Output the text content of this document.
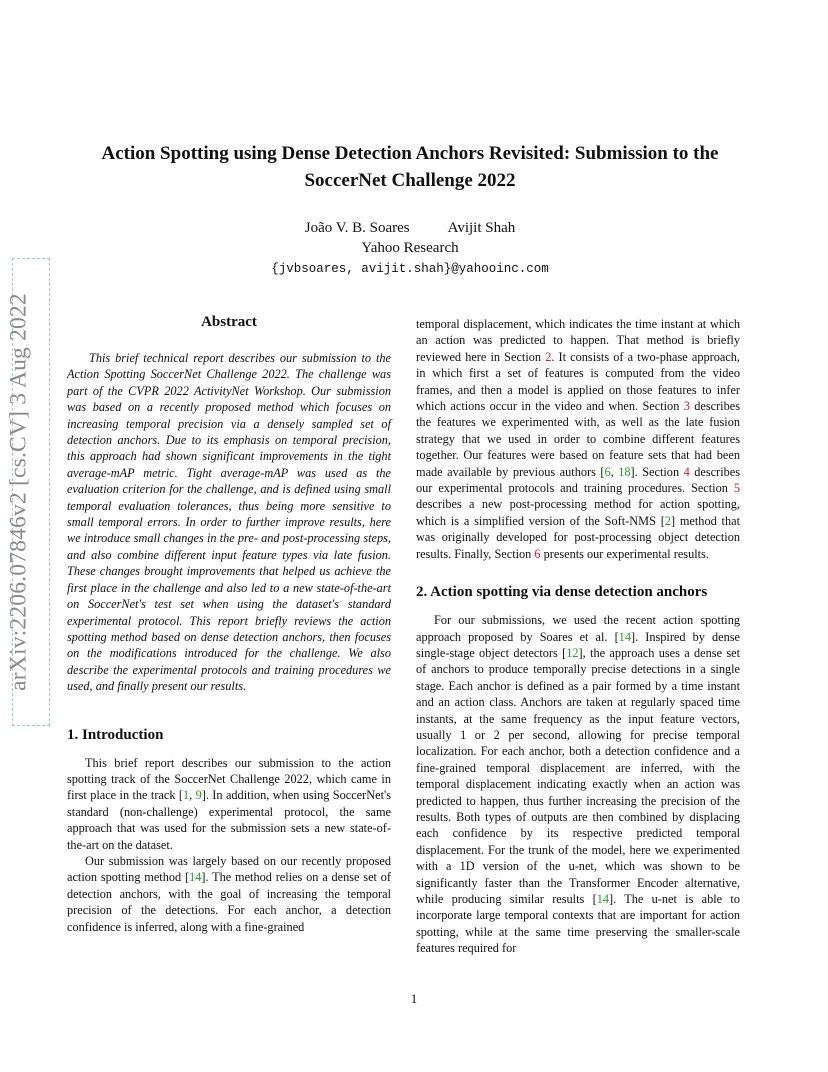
arXiv:2206.07846v2 [cs.CV] 3 Aug 2022
Action Spotting using Dense Detection Anchors Revisited: Submission to the
SoccerNet Challenge 2022
João V. B. Soares	Avijit Shah
Yahoo Research
{jvbsoares, avijit.shah}@yahooinc.com
Abstract

This brief technical report describes our submission to the Action Spotting SoccerNet Challenge 2022. The challenge was part of the CVPR 2022 ActivityNet Workshop. Our submission was based on a recently proposed method which focuses on increasing temporal precision via a densely sampled set of detection anchors. Due to its emphasis on temporal precision, this approach had shown significant improvements in the tight average-mAP metric. Tight average-mAP was used as the evaluation criterion for the challenge, and is defined using small temporal evaluation tolerances, thus being more sensitive to small temporal errors. In order to further improve results, here we introduce small changes in the pre- and post-processing steps, and also combine different input feature types via late fusion. These changes brought improvements that helped us achieve the first place in the challenge and also led to a new state-of-the-art on SoccerNet's test set when using the dataset's standard experimental protocol. This report briefly reviews the action spotting method based on dense detection anchors, then focuses on the modifications introduced for the challenge. We also describe the experimental protocols and training procedures we used, and finally present our results.

1. Introduction

This brief report describes our submission to the action spotting track of the SoccerNet Challenge 2022, which came in first place in the track [1, 9]. In addition, when using SoccerNet's standard (non-challenge) experimental protocol, the same approach that was used for the submission sets a new state-of-the-art on the dataset.

Our submission was largely based on our recently proposed action spotting method [14]. The method relies on a dense set of detection anchors, with the goal of increasing the temporal precision of the detections. For each anchor, a detection confidence is inferred, along with a fine-grained

temporal displacement, which indicates the time instant at which an action was predicted to happen. That method is briefly reviewed here in Section 2. It consists of a two-phase approach, in which first a set of features is computed from the video frames, and then a model is applied on those features to infer which actions occur in the video and when. Section 3 describes the features we experimented with, as well as the late fusion strategy that we used in order to combine different features together. Our features were based on feature sets that had been made available by previous authors [6, 18]. Section 4 describes our experimental protocols and training procedures. Section 5 describes a new post-processing method for action spotting, which is a simplified version of the Soft-NMS [2] method that was originally developed for post-processing object detection results. Finally, Section 6 presents our experimental results.

2. Action spotting via dense detection anchors

For our submissions, we used the recent action spotting approach proposed by Soares et al. [14]. Inspired by dense single-stage object detectors [12], the approach uses a dense set of anchors to produce temporally precise detections in a single stage. Each anchor is defined as a pair formed by a time instant and an action class. Anchors are taken at regularly spaced time instants, at the same frequency as the input feature vectors, usually 1 or 2 per second, allowing for precise temporal localization. For each anchor, both a detection confidence and a fine-grained temporal displacement are inferred, with the temporal displacement indicating exactly when an action was predicted to happen, thus further increasing the precision of the results. Both types of outputs are then combined by displacing each confidence by its respective predicted temporal displacement. For the trunk of the model, here we experimented with a 1D version of the u-net, which was shown to be significantly faster than the Transformer Encoder alternative, while producing similar results [14]. The u-net is able to incorporate large temporal contexts that are important for action spotting, while at the same time preserving the smaller-scale features required for

1
